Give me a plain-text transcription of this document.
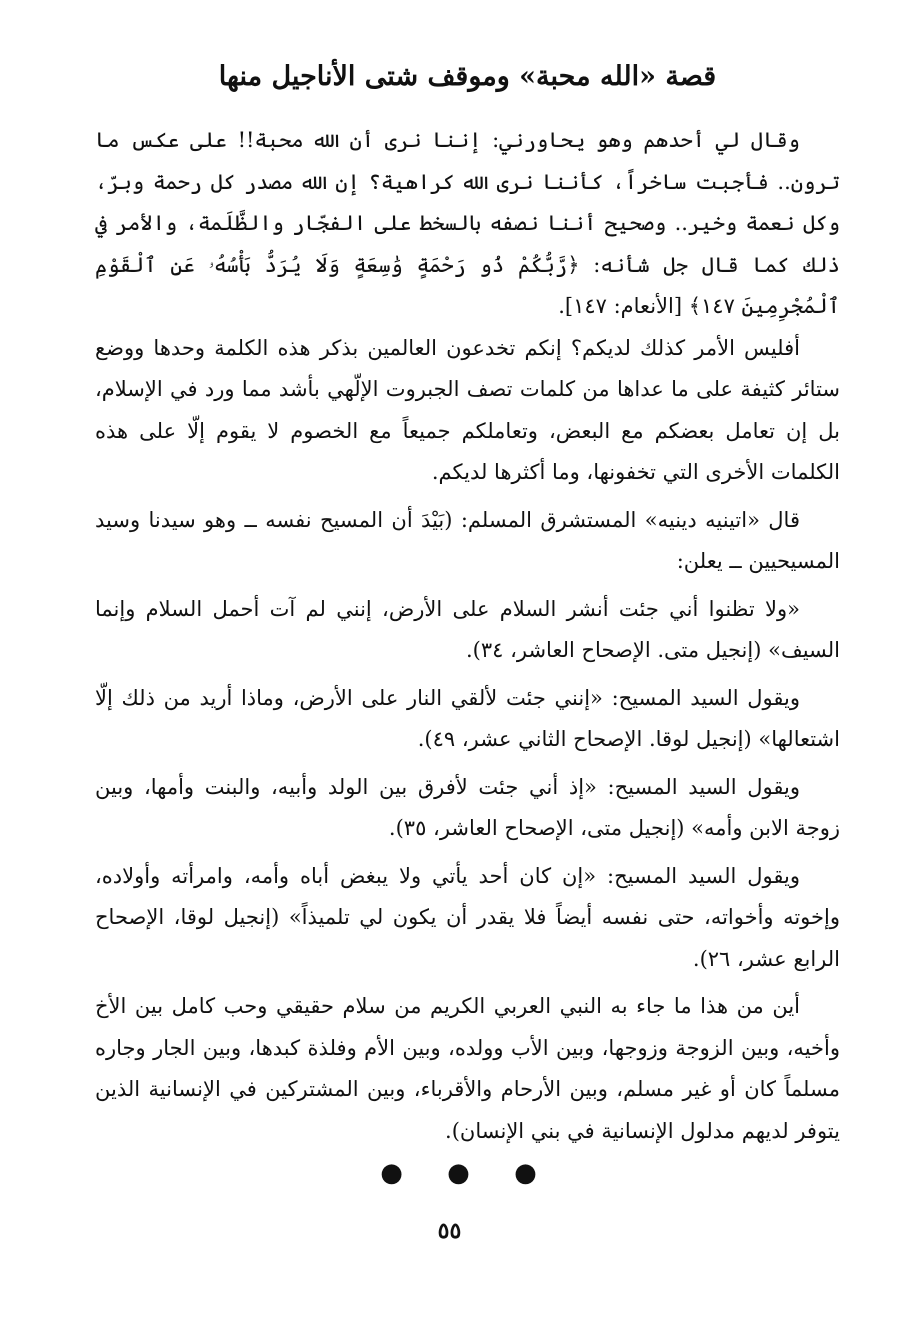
قصة «الله محبة» وموقف شتى الأناجيل منها

وقال لي أحدهم وهو يحاورني: إننا نرى أن الله محبة!! على عكس ما ترون.. فأجبت ساخراً، كأننا نرى الله كراهية؟ إن الله مصدر كل رحمة وبرّ، وكل نعمة وخير.. وصحيح أننا نصفه بالسخط على الفجّار والظَّلَمة، والأمر في ذلك كما قال جل شأنه: ﴿رَّبُّكُمْ ذُو رَحْمَةٍ وَٰسِعَةٍ وَلَا يُرَدُّ بَأْسُهُۥ عَنِ ٱلْقَوْمِ ٱلْمُجْرِمِينَ ١٤٧﴾ [الأنعام: ١٤٧].

أفليس الأمر كذلك لديكم؟ إنكم تخدعون العالمين بذكر هذه الكلمة وحدها ووضع ستائر كثيفة على ما عداها من كلمات تصف الجبروت الإلّهي بأشد مما ورد في الإسلام، بل إن تعامل بعضكم مع البعض، وتعاملكم جميعاً مع الخصوم لا يقوم إلّا على هذه الكلمات الأخرى التي تخفونها، وما أكثرها لديكم.

قال «اتينيه دينيه» المستشرق المسلم: (بَيْدَ أن المسيح نفسه ــ وهو سيدنا وسيد المسيحيين ــ يعلن:

«ولا تظنوا أني جئت أنشر السلام على الأرض، إنني لم آت أحمل السلام وإنما السيف» (إنجيل متى. الإصحاح العاشر، ٣٤).

ويقول السيد المسيح: «إنني جئت لألقي النار على الأرض، وماذا أريد من ذلك إلّا اشتعالها» (إنجيل لوقا. الإصحاح الثاني عشر، ٤٩).

ويقول السيد المسيح: «إذ أني جئت لأفرق بين الولد وأبيه، والبنت وأمها، وبين زوجة الابن وأمه» (إنجيل متى، الإصحاح العاشر، ٣٥).

ويقول السيد المسيح: «إن كان أحد يأتي ولا يبغض أباه وأمه، وامرأته وأولاده، وإخوته وأخواته، حتى نفسه أيضاً فلا يقدر أن يكون لي تلميذاً» (إنجيل لوقا، الإصحاح الرابع عشر، ٢٦).

أين من هذا ما جاء به النبي العربي الكريم من سلام حقيقي وحب كامل بين الأخ وأخيه، وبين الزوجة وزوجها، وبين الأب وولده، وبين الأم وفلذة كبدها، وبين الجار وجاره مسلماً كان أو غير مسلم، وبين الأرحام والأقرباء، وبين المشتركين في الإنسانية الذين يتوفر لديهم مدلول الإنسانية في بني الإنسان).

● ● ●
٥٥
